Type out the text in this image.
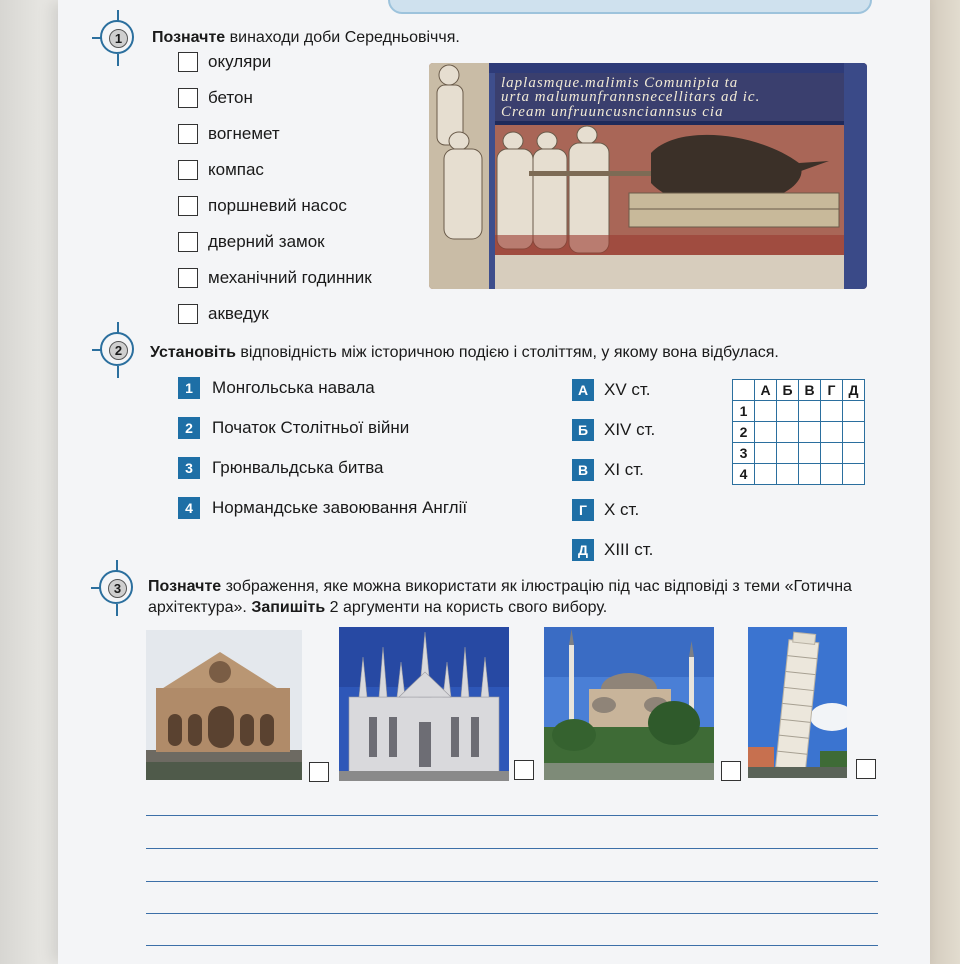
1	Позначте винаходи доби Середньовіччя.
окуляри
бетон
вогнемет
компас
поршневий насос
дверний замок
механічний годинник
акведук
laplasmque.malimis Comunipia ta
urta malumunfrannsnecellitars ad ic.
Cream unfruuncusnciannsus cia
2	Установіть відповідність між історичною подією і століттям, у якому вона відбулася.
1	Монгольська навала
2	Початок Столітньої війни
3	Грюнвальдська битва
4	Нормандське завоювання Англії
А XV ст.
Б XIV ст.
В XI ст.
Г	X ст.
Д XIII ст.
	А	Б	В	Г	Д
1					
2					
3					
4					
3	Позначте зображення, яке можна використати як ілюстрацію під час відповіді з теми «Готична архітектура». Запишіть 2 аргументи на користь свого вибору.
